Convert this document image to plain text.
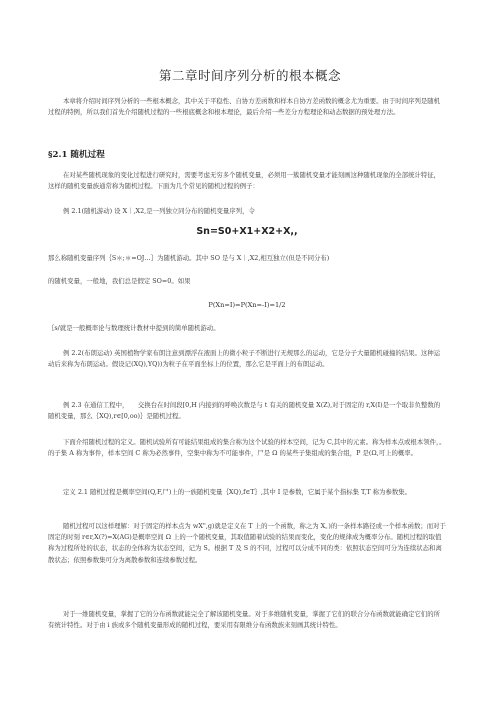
第二章时间序列分析的根本概念
本章将介绍时间序列分析的一些根本概念，其中关于平稳性、自协方差函数和样本自协方差函数的概念尤为重要。由于时间序列是随机过程的特例，所以我们首先介绍随机过程的一些根底概念和根本理论，最后介绍一些差分方程理论和动态数据的预处理方法。
§2.1 随机过程
在对某些随机现象的变化过程进行研究时，需要考虑无穷多个随机变量，必须用一簇随机变量才能刻画这种随机现象的全部统计特征，这样的随机变量族通常称为随机过程。下面为几个常见的随机过程的例子：
例 2.1(随机游动) 设 X｜,X2,是一列独立同分布的随机变量序列，令
Sn=S0+X1+X2+X,,
那么称随机变量序列｛S＊;＊=OJ…｝为随机游动。其中 SO 是与 X｜,X2,相互独立(但是不同分布)
的随机变量，一般地，我们总是假定 SO=0。如果
P(Xn=I)=P(Xn=-I)=1/2
｛s/就是一般概率论与数理统计教材中提到的简单随机游动。
例 2.2(布朗运动) 英国植物学家布朗注意到漂浮在液面上的微小粒子不断进行无规那么的运动，它是分子大量随机碰撞的结果。这种运动后来称为布朗运动。假设记(XQ),YQ))为粒子在平面坐标上的位置，那么它是平面上的布朗运动。
例 2.3 在通信工程中，　　交换台在时间段[0,H 内接到的呼唤次数是与 t 有关的随机变量 X(Z),对于固定的 r,X(I)是一个取非负整数的随机变量，那么｛XQ),r∈[0,oo)｝是随机过程。
下面介绍随机过程的定义。随机试验所有可能结果组成的集合称为这个试验的样本空间，记为 C,其中的元素。称为样本点或根本领件，。的子集 A 称为事件，样本空间 C 称为必然事件，空集中称为不可能事件，尸是 Ω 的某些子集组成的集合组，P 是(Ω,可上的概率。
定义 2.1 随机过程是概率空间(Q,F,尸)上的一族随机变量｛XQ),f∈T｝,其中 I 是参数，它属于某个指标集 T,T 称为参数集。
随机过程可以这样理解：对于固定的样本点为 wX",g)就是定义在 T 上的一个函数，称之为 X。)的一条样本路径或一个样本函数；而对于固定的时刻 r∈r,X(?)=X(AG)是概率空间 Ω 上的一个随机变量，其取值随着试验的结果而变化，变化的规律成为概率分布。随机过程的取值称为过程所处的状态，状态的全体称为状态空间，记为 S。根据 T 及 S 的不同，过程可以分成不同的类：依照状态空间可分为连续状态和离散状态；依照参数集可分为离散参数和连续参数过程。
对于一维随机变量，掌握了它的分布函数就能完全了解该随机变量。对于多维随机变量，掌握了它们的联合分布函数就能确定它们的所有统计特性。对于由 i 族或多个随机变量形成的随机过程，要采用有限维分布函数族来刻画其统计特性。
